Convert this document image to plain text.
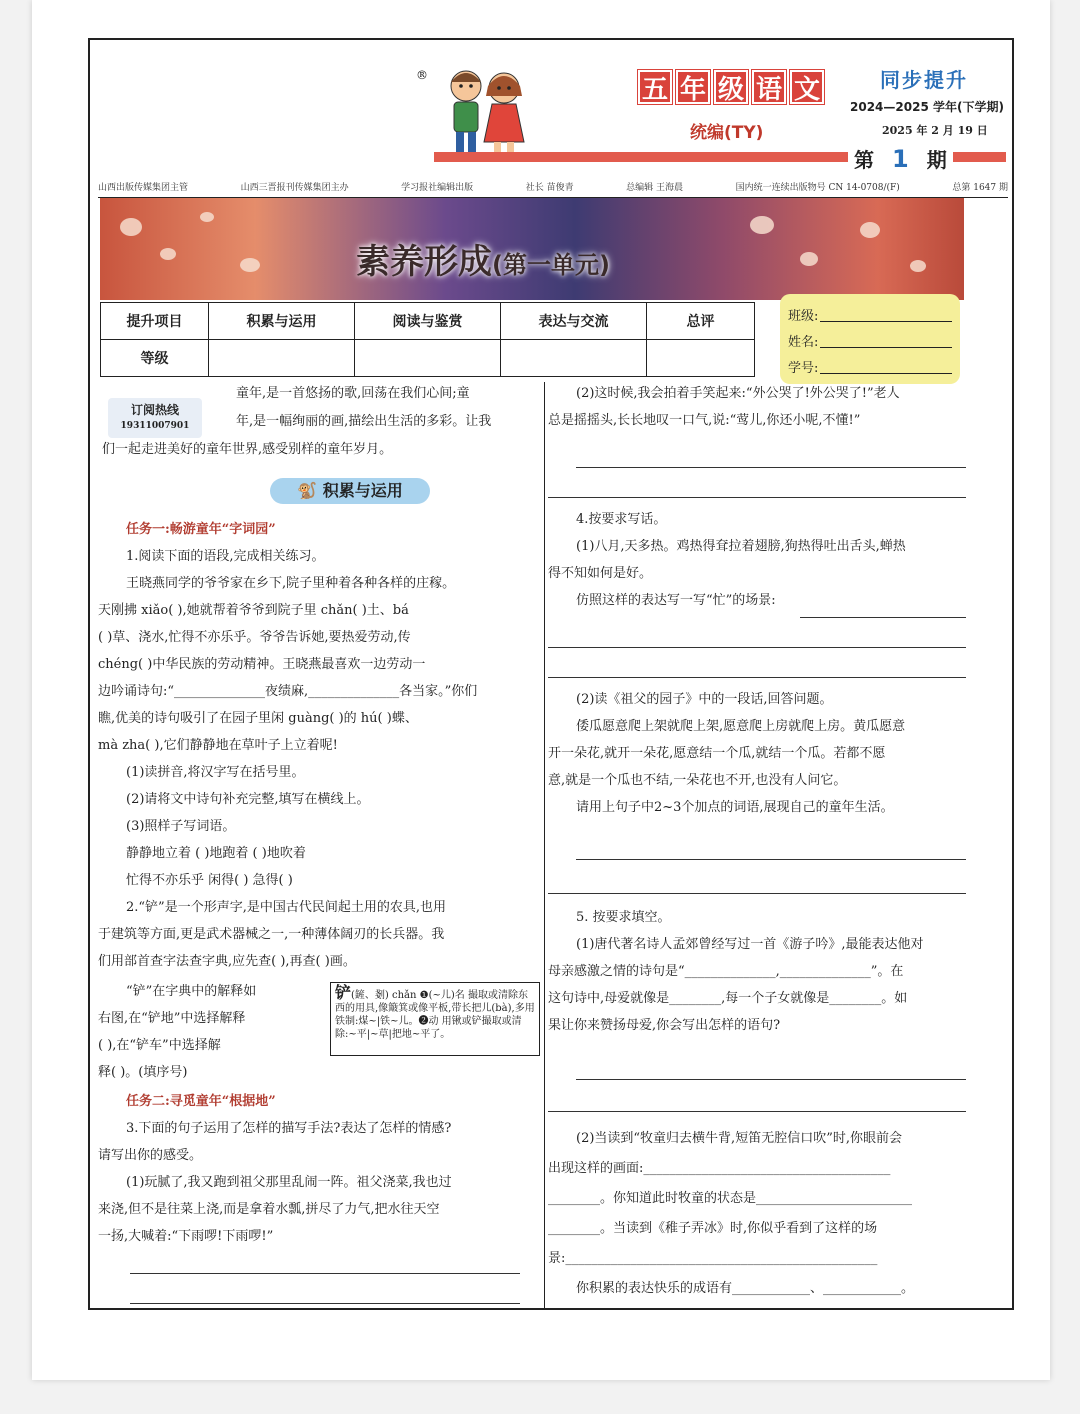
®	五 年 级 语 文
统编(TY)
同步提升
2024—2025 学年(下学期)
2025 年 2 月 19 日
第 1 期
山西出版传媒集团主管	山西三晋报刊传媒集团主办	学习报社编辑出版	社长 苗俊青	总编辑 王海晨	国内统一连续出版物号 CN 14-0708/(F)	总第 1647 期
素养形成(第一单元)
提升项目	积累与运用	阅读与鉴赏	表达与交流	总评
等级				
班级:
姓名:
学号:
订阅热线
19311007901
童年,是一首悠扬的歌,回荡在我们心间;童
年,是一幅绚丽的画,描绘出生活的多彩。让我
们一起走进美好的童年世界,感受别样的童年岁月。
🐒 积累与运用

任务一:畅游童年“字词园”

1.阅读下面的语段,完成相关练习。

王晓燕同学的爷爷家在乡下,院子里种着各种各样的庄稼。

天刚拂 xiǎo( ),她就帮着爷爷到院子里 chǎn( )土、bá

( )草、浇水,忙得不亦乐乎。爷爷告诉她,要热爱劳动,传

chéng( )中华民族的劳动精神。王晓燕最喜欢一边劳动一

边吟诵诗句:“______________夜绩麻,______________各当家。”你们

瞧,优美的诗句吸引了在园子里闲 guàng( )的 hú( )蝶、

mà zha( ),它们静静地在草叶子上立着呢!

(1)读拼音,将汉字写在括号里。

(2)请将文中诗句补充完整,填写在横线上。

(3)照样子写词语。

静静地立着 ( )地跑着 ( )地吹着

忙得不亦乐乎 闲得( ) 急得( )

2.“铲”是一个形声字,是中国古代民间起土用的农具,也用

于建筑等方面,更是武术器械之一,一种薄体阔刃的长兵器。我

们用部首查字法查字典,应先查( ),再查( )画。

“铲”在字典中的解释如

右图,在“铲地”中选择解释

( ),在“铲车”中选择解

释( )。(填序号)

铲(鏟、剗) chǎn ❶(~儿)名 撮取或清除东西的用具,像簸箕或像平板,带长把儿(bà),多用铁制:煤~|铁~儿。❷动 用锹或铲撮取或清除:~平|~草|把地~平了。

任务二:寻觅童年“根据地”

3.下面的句子运用了怎样的描写手法?表达了怎样的情感?

请写出你的感受。

(1)玩腻了,我又跑到祖父那里乱闹一阵。祖父浇菜,我也过

来浇,但不是往菜上浇,而是拿着水瓢,拼尽了力气,把水往天空

一扬,大喊着:“下雨啰!下雨啰!”

(2)这时候,我会拍着手笑起来:“外公哭了!外公哭了!”老人

总是摇摇头,长长地叹一口气,说:“莺儿,你还小呢,不懂!”

4.按要求写话。

(1)八月,天多热。鸡热得耷拉着翅膀,狗热得吐出舌头,蝉热

得不知如何是好。

仿照这样的表达写一写“忙”的场景:

(2)读《祖父的园子》中的一段话,回答问题。

倭瓜愿意爬上架就爬上架,愿意爬上房就爬上房。黄瓜愿意

开一朵花,就开一朵花,愿意结一个瓜,就结一个瓜。若都不愿

意,就是一个瓜也不结,一朵花也不开,也没有人问它。

请用上句子中2~3个加点的词语,展现自己的童年生活。

5. 按要求填空。

(1)唐代著名诗人孟郊曾经写过一首《游子吟》,最能表达他对

母亲感激之情的诗句是“______________,______________”。在

这句诗中,母爱就像是________,每一个子女就像是________。如

果让你来赞扬母爱,你会写出怎样的语句?

(2)当读到“牧童归去横牛背,短笛无腔信口吹”时,你眼前会

出现这样的画面:______________________________________

________。你知道此时牧童的状态是________________________

________。当读到《稚子弄冰》时,你似乎看到了这样的场

景:________________________________________________

你积累的表达快乐的成语有____________、____________。
